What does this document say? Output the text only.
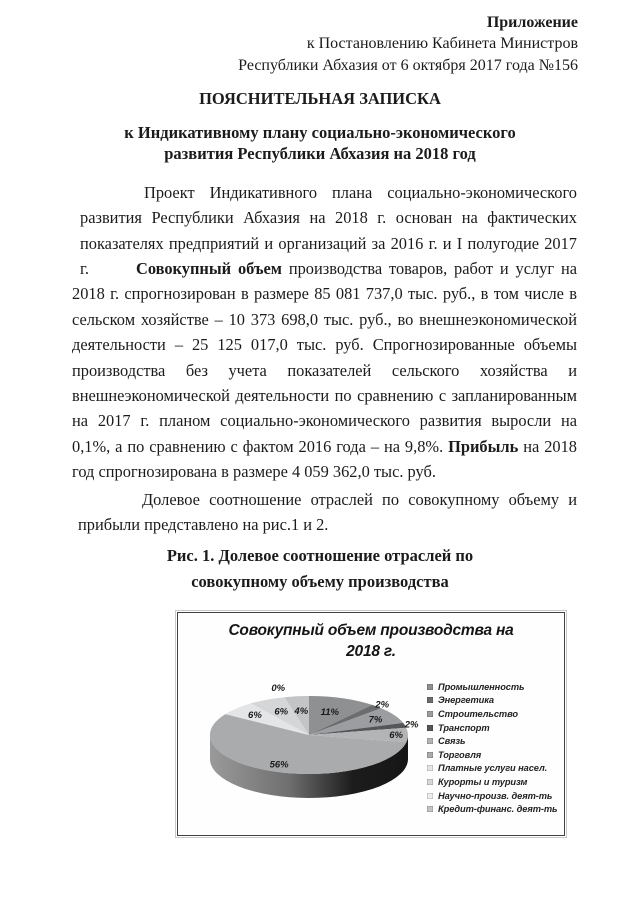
Приложение
к Постановлению Кабинета Министров
Республики Абхазия от 6 октября 2017 года №156
ПОЯСНИТЕЛЬНАЯ ЗАПИСКА
к Индикативному плану социально-экономического
развития Республики Абхазия на 2018 год
Проект Индикативного плана социально-экономического развития Республики Абхазия на 2018 г. основан на фактических показателях предприятий и организаций за 2016 г. и I полугодие 2017 г.	Совокупный объем производства товаров, работ и услуг на 2018 г. спрогнозирован в размере 85 081 737,0 тыс. руб., в том числе в сельском хозяйстве – 10 373 698,0 тыс. руб., во внешнеэкономической деятельности – 25 125 017,0 тыс. руб. Спрогнозированные объемы производства без учета показателей сельского хозяйства и внешнеэкономической деятельности по сравнению с запланированным на 2017 г. планом социально-экономического развития выросли на 0,1%, а по сравнению с фактом 2016 года – на 9,8%. Прибыль на 2018 год спрогнозирована в размере 4 059 362,0 тыс. руб.
Долевое соотношение отраслей по совокупному объему и прибыли представлено на рис.1 и 2.
Рис. 1. Долевое соотношение отраслей по
совокупному объему производства
Совокупный объем производства на 2018 г.
11%
2%
7% 2%
6%
56%
6% 6%
0%
4%
Промышленность
Энергетика
Строительство
Транспорт
Связь
Торговля
Платные услуги насел.
Курорты и туризм
Научно-произв. деят-ть
Кредит-финанс. деят-ть
